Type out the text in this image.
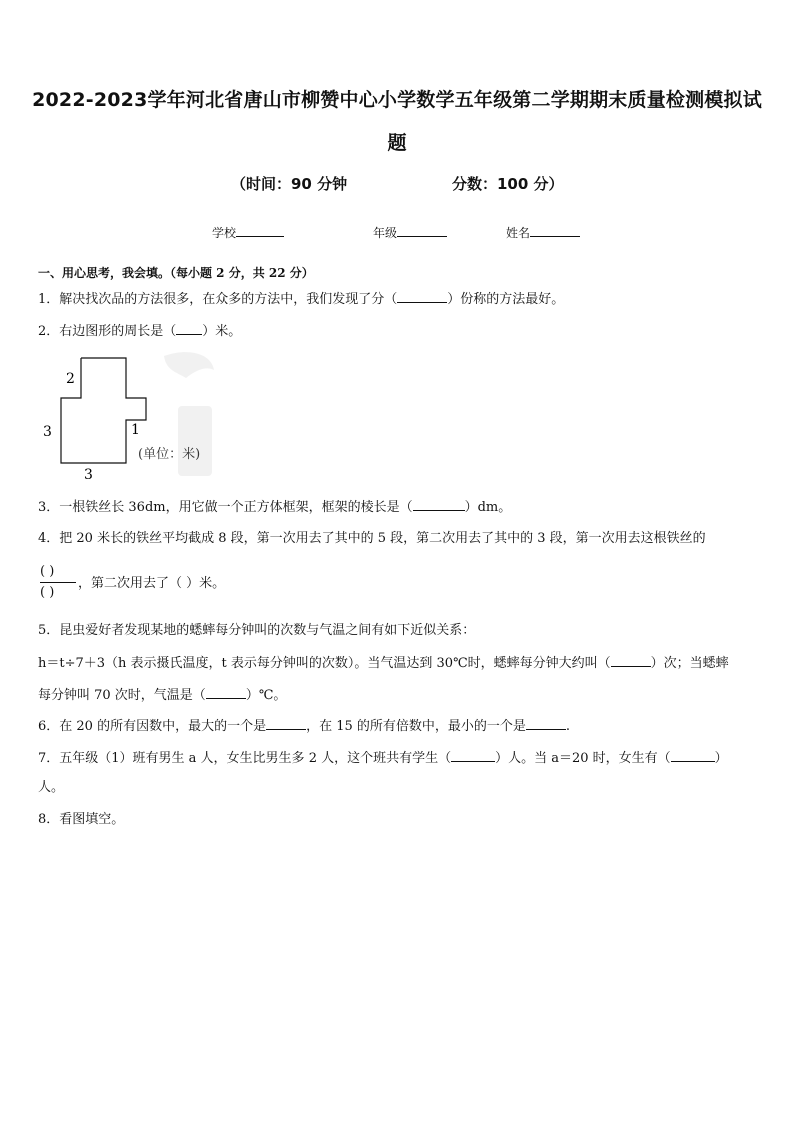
2022-2023学年河北省唐山市柳赞中心小学数学五年级第二学期期末质量检测模拟试
题
（时间：90 分钟	分数：100 分）
学校	年级	姓名
一、用心思考，我会填。（每小题 2 分，共 22 分）
1．解决找次品的方法很多，在众多的方法中，我们发现了分（	）份称的方法最好。
2．右边图形的周长是（ ）米。
2
3	1
3
(单位：米)
3．一根铁丝长 36dm，用它做一个正方体框架，框架的棱长是（	）dm。
4．把 20 米长的铁丝平均截成 8 段，第一次用去了其中的 5 段，第二次用去了其中的 3 段，第一次用去这根铁丝的
( )
( )
，第二次用去了（ ）米。
5．昆虫爱好者发现某地的蟋蟀每分钟叫的次数与气温之间有如下近似关系：
h＝t÷7＋3（h 表示摄氏温度，t 表示每分钟叫的次数）。当气温达到 30℃时，蟋蟀每分钟大约叫（	）次；当蟋蟀
每分钟叫 70 次时，气温是（	）℃。
6．在 20 的所有因数中，最大的一个是	，在 15 的所有倍数中，最小的一个是	.
7．五年级（1）班有男生 a 人，女生比男生多 2 人，这个班共有学生（	）人。当 a＝20 时，女生有（	）
人。
8．看图填空。
